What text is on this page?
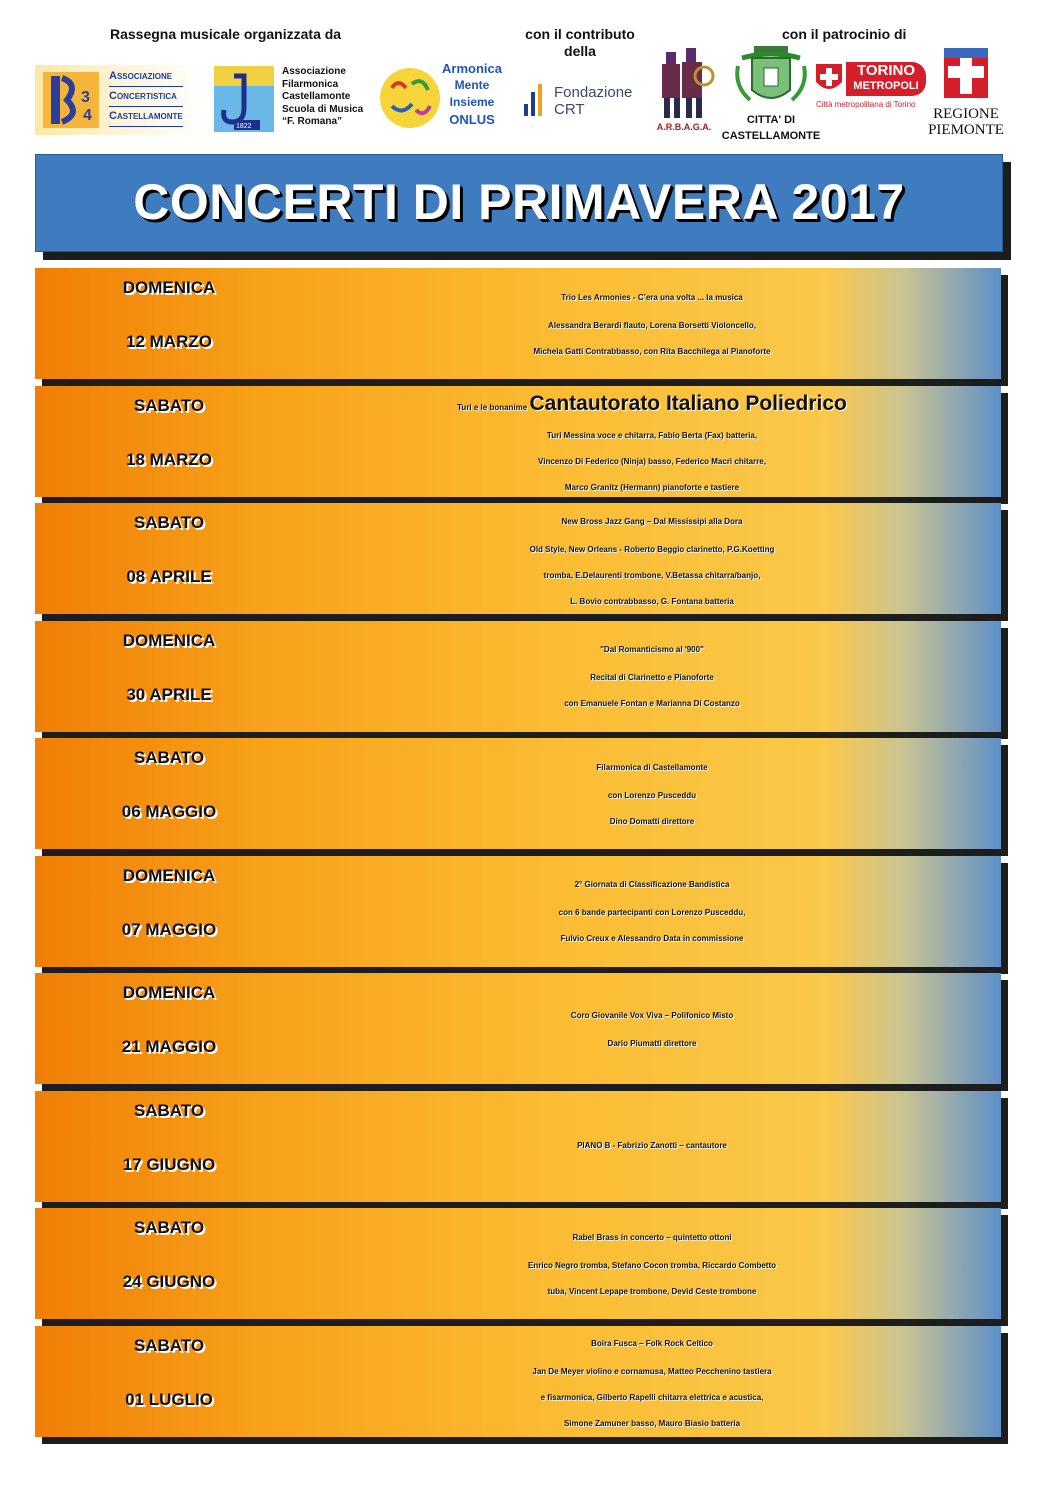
Rassegna musicale organizzata da	con il contributo
della
con il patrocinio di
3
4
Associazione
Concertistica
Castellamonte
1822
Associazione
Filarmonica
Castellamonte
Scuola di Musica
“F. Romana”
Armonica
Mente
Insieme
ONLUS
Fondazione
CRT
A.R.B.A.G.A.
CITTA' DI
CASTELLAMONTE
TORINO
METROPOLI
Città metropolitana di Torino
REGIONE
PIEMONTE
CONCERTI DI PRIMAVERA 2017
DOMENICA
12 MARZO
Trio Les Armonies - C’era una volta ... la musica
Alessandra Berardi flauto, Lorena Borsetti Violoncello,
Michela Gatti Contrabbasso, con Rita Bacchilega al Pianoforte
SABATO
18 MARZO
Turi e le bonanime Cantautorato Italiano Poliedrico
Turi Messina voce e chitarra, Fabio Berta (Fax) batteria,
Vincenzo Di Federico (Ninja) basso, Federico Macrì chitarre,
Marco Granitz (Hermann) pianoforte e tastiere
SABATO
08 APRILE
New Bross Jazz Gang – Dal Mississipi alla Dora
Old Style, New Orleans - Roberto Beggio clarinetto, P.G.Koetting
tromba, E.Delaurenti trombone, V.Betassa chitarra/banjo,
L. Bovio contrabbasso, G. Fontana batteria
DOMENICA
30 APRILE
"Dal Romanticismo al '900"
Recital di Clarinetto e Pianoforte
con Emanuele Fontan e Marianna Di Costanzo
SABATO
06 MAGGIO
Filarmonica di Castellamonte
con Lorenzo Pusceddu
Dino Domatti direttore
DOMENICA
07 MAGGIO
2° Giornata di Classificazione Bandistica
con 6 bande partecipanti con Lorenzo Pusceddu,
Fulvio Creux e Alessandro Data in commissione
DOMENICA
21 MAGGIO
Coro Giovanile Vox Viva – Polifonico Misto
Dario Piumatti direttore
SABATO
17 GIUGNO
PIANO B - Fabrizio Zanotti – cantautore
SABATO
24 GIUGNO
Rabel Brass in concerto – quintetto ottoni
Enrico Negro tromba, Stefano Cocon tromba, Riccardo Combetto
tuba, Vincent Lepape trombone, Devid Ceste trombone
SABATO
01 LUGLIO
Boira Fusca – Folk Rock Celtico
Jan De Meyer violino e cornamusa, Matteo Pecchenino tastiera
e fisarmonica, Gilberto Rapelli chitarra elettrica e acustica,
Simone Zamuner basso, Mauro Biasio batteria
